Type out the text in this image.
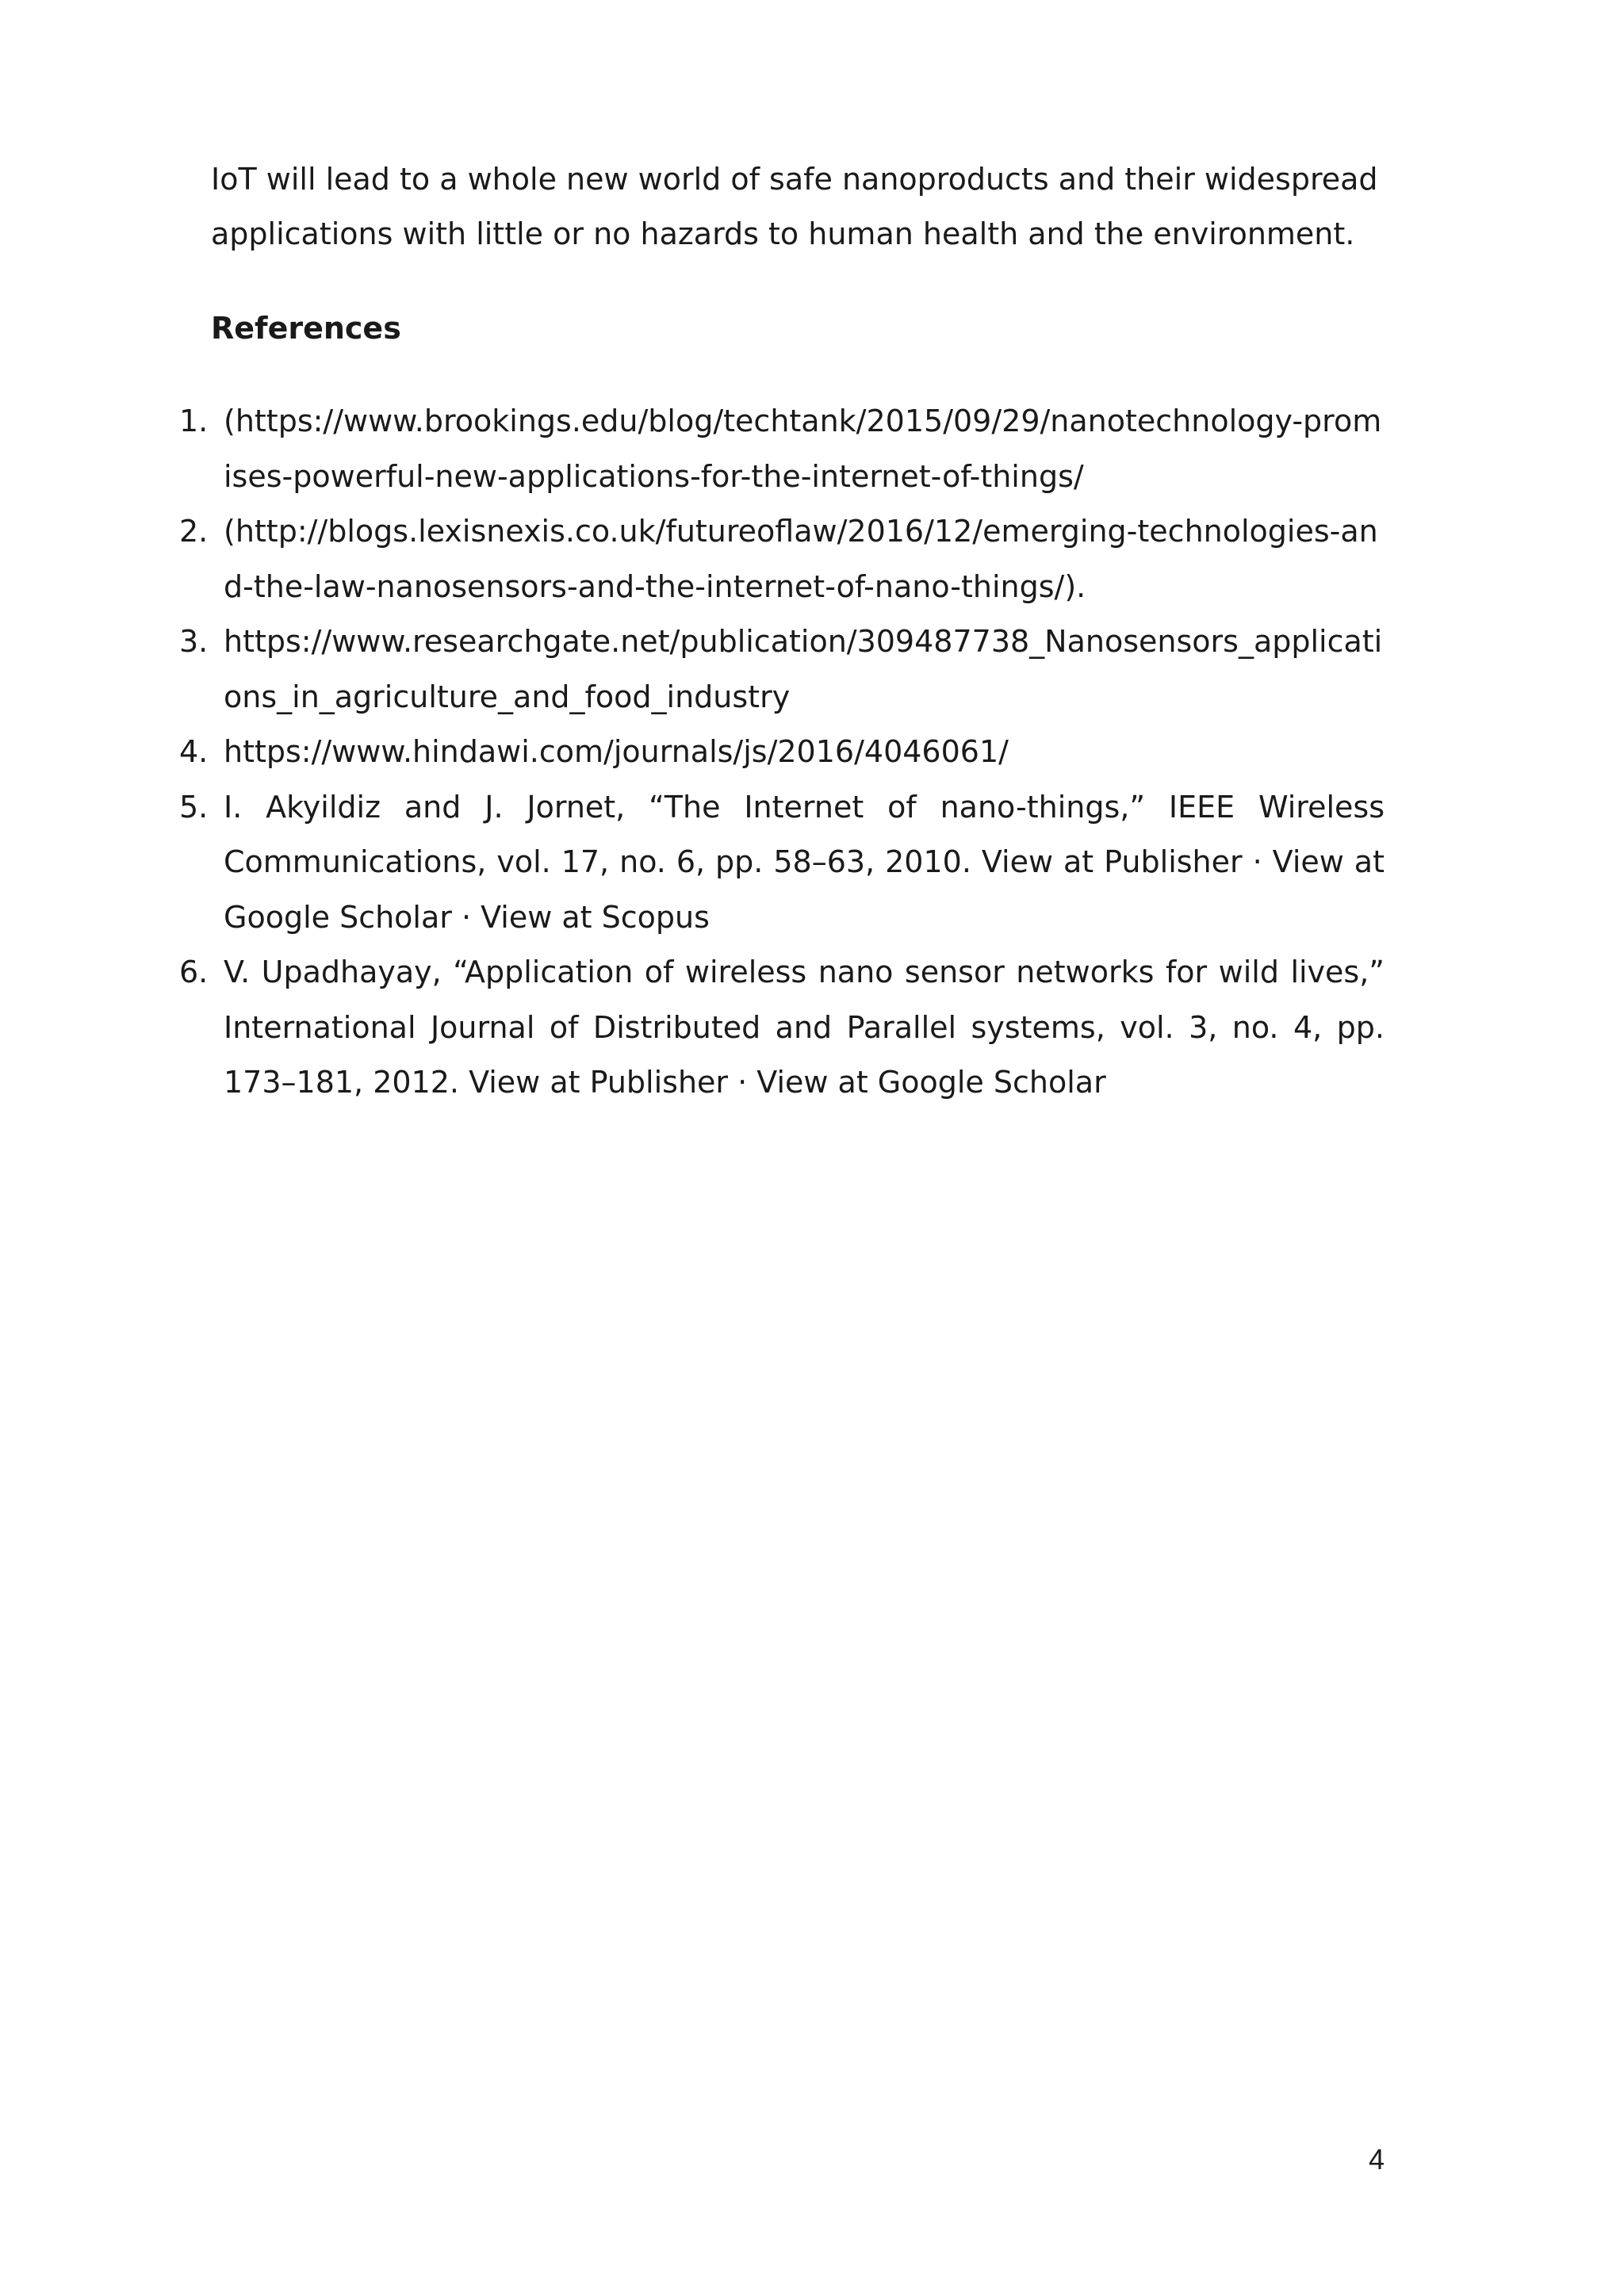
IoT will lead to a whole new world of safe nanoproducts and their widespread applications with little or no hazards to human health and the environment.

References
1. (https://www.brookings.edu/blog/techtank/2015/09/29/nanotechnology-promises-powerful-new-applications-for-the-internet-of-things/
2. (http://blogs.lexisnexis.co.uk/futureoflaw/2016/12/emerging-technologies-and-the-law-nanosensors-and-the-internet-of-nano-things/).
3. https://www.researchgate.net/publication/309487738_Nanosensors_applications_in_agriculture_and_food_industry
4. https://www.hindawi.com/journals/js/2016/4046061/
5. I. Akyildiz and J. Jornet, “The Internet of nano-things,” IEEE Wireless Communications, vol. 17, no. 6, pp. 58–63, 2010. View at Publisher · View at Google Scholar · View at Scopus
6. V. Upadhayay, “Application of wireless nano sensor networks for wild lives,” International Journal of Distributed and Parallel systems, vol. 3, no. 4, pp. 173–181, 2012. View at Publisher · View at Google Scholar

4
